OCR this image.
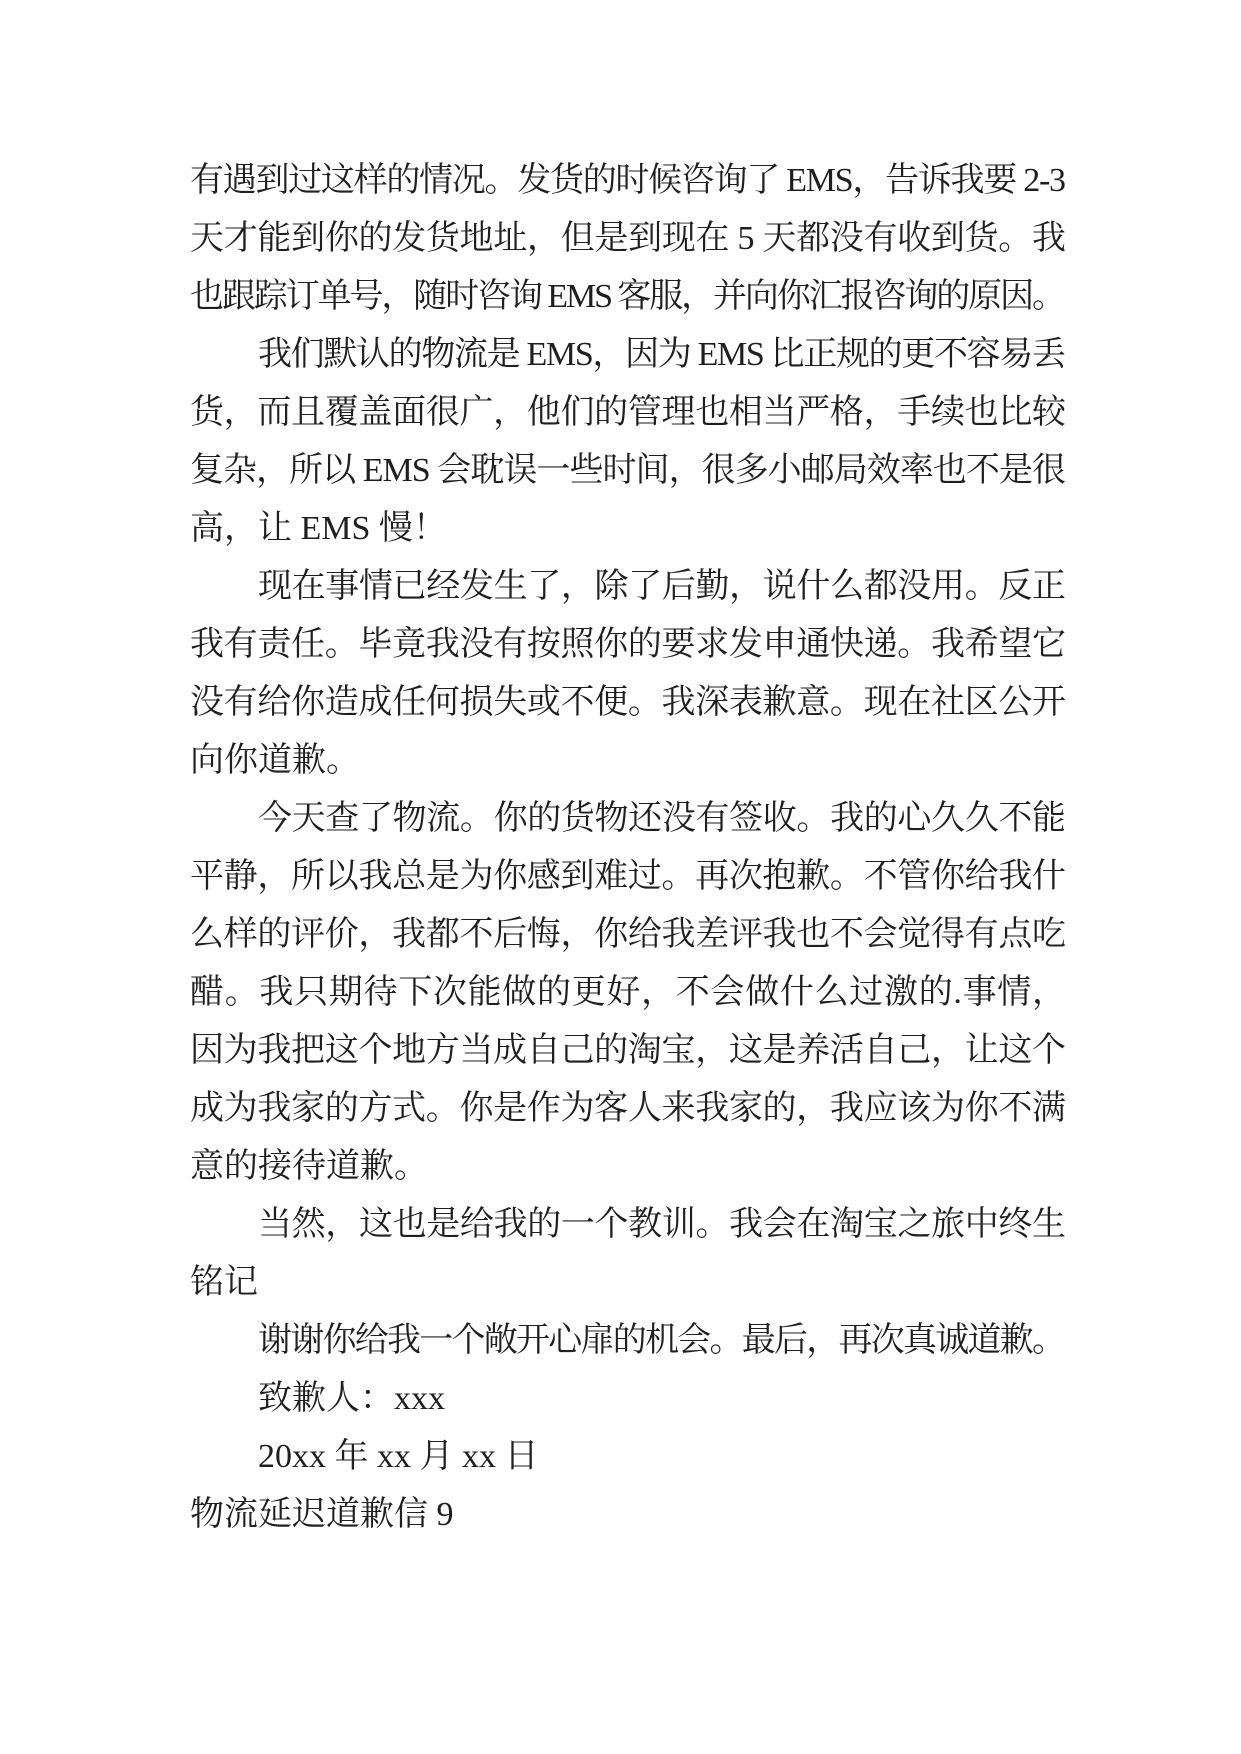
有遇到过这样的情况。发货的时候咨询了 EMS，告诉我要 2-3
天才能到你的发货地址，但是到现在 5 天都没有收到货。我
也跟踪订单号，随时咨询 EMS 客服，并向你汇报咨询的原因。
我们默认的物流是 EMS，因为 EMS 比正规的更不容易丢
货，而且覆盖面很广，他们的管理也相当严格，手续也比较
复杂，所以 EMS 会耽误一些时间，很多小邮局效率也不是很
高，让 EMS 慢！
现在事情已经发生了，除了后勤，说什么都没用。反正
我有责任。毕竟我没有按照你的要求发申通快递。我希望它
没有给你造成任何损失或不便。我深表歉意。现在社区公开
向你道歉。
今天查了物流。你的货物还没有签收。我的心久久不能
平静，所以我总是为你感到难过。再次抱歉。不管你给我什
么样的评价，我都不后悔，你给我差评我也不会觉得有点吃
醋。我只期待下次能做的更好，不会做什么过激的.事情，
因为我把这个地方当成自己的淘宝，这是养活自己，让这个
成为我家的方式。你是作为客人来我家的，我应该为你不满
意的接待道歉。
当然，这也是给我的一个教训。我会在淘宝之旅中终生
铭记
谢谢你给我一个敞开心扉的机会。最后，再次真诚道歉。
致歉人：xxx
20xx 年 xx 月 xx 日
物流延迟道歉信 9
